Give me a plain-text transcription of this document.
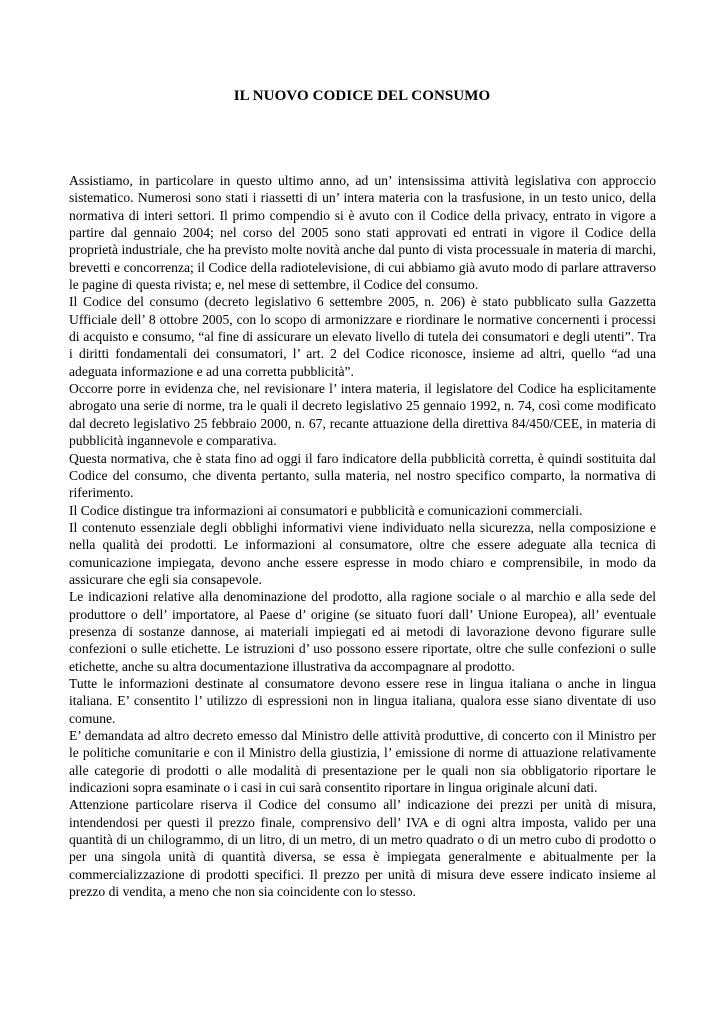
IL NUOVO CODICE DEL CONSUMO

Assistiamo, in particolare in questo ultimo anno, ad un’ intensissima attività legislativa con approccio sistematico. Numerosi sono stati i riassetti di un’ intera materia con la trasfusione, in un testo unico, della normativa di interi settori. Il primo compendio si è avuto con il Codice della privacy, entrato in vigore a partire dal gennaio 2004; nel corso del 2005 sono stati approvati ed entrati in vigore il Codice della proprietà industriale, che ha previsto molte novità anche dal punto di vista processuale in materia di marchi, brevetti e concorrenza; il Codice della radiotelevisione, di cui abbiamo già avuto modo di parlare attraverso le pagine di questa rivista; e, nel mese di settembre, il Codice del consumo.

Il Codice del consumo (decreto legislativo 6 settembre 2005, n. 206) è stato pubblicato sulla Gazzetta Ufficiale dell’ 8 ottobre 2005, con lo scopo di armonizzare e riordinare le normative concernenti i processi di acquisto e consumo, “al fine di assicurare un elevato livello di tutela dei consumatori e degli utenti”. Tra i diritti fondamentali dei consumatori, l’ art. 2 del Codice riconosce, insieme ad altri, quello “ad una adeguata informazione e ad una corretta pubblicità”.

Occorre porre in evidenza che, nel revisionare l’ intera materia, il legislatore del Codice ha esplicitamente abrogato una serie di norme, tra le quali il decreto legislativo 25 gennaio 1992, n. 74, così come modificato dal decreto legislativo 25 febbraio 2000, n. 67, recante attuazione della direttiva 84/450/CEE, in materia di pubblicità ingannevole e comparativa.

Questa normativa, che è stata fino ad oggi il faro indicatore della pubblicità corretta, è quindi sostituita dal Codice del consumo, che diventa pertanto, sulla materia, nel nostro specifico comparto, la normativa di riferimento.

Il Codice distingue tra informazioni ai consumatori e pubblicità e comunicazioni commerciali.

Il contenuto essenziale degli obblighi informativi viene individuato nella sicurezza, nella composizione e nella qualità dei prodotti. Le informazioni al consumatore, oltre che essere adeguate alla tecnica di comunicazione impiegata, devono anche essere espresse in modo chiaro e comprensibile, in modo da assicurare che egli sia consapevole.

Le indicazioni relative alla denominazione del prodotto, alla ragione sociale o al marchio e alla sede del produttore o dell’ importatore, al Paese d’ origine (se situato fuori dall’ Unione Europea), all’ eventuale presenza di sostanze dannose, ai materiali impiegati ed ai metodi di lavorazione devono figurare sulle confezioni o sulle etichette. Le istruzioni d’ uso possono essere riportate, oltre che sulle confezioni o sulle etichette, anche su altra documentazione illustrativa da accompagnare al prodotto.

Tutte le informazioni destinate al consumatore devono essere rese in lingua italiana o anche in lingua italiana. E’ consentito l’ utilizzo di espressioni non in lingua italiana, qualora esse siano diventate di uso comune.

E’ demandata ad altro decreto emesso dal Ministro delle attività produttive, di concerto con il Ministro per le politiche comunitarie e con il Ministro della giustizia, l’ emissione di norme di attuazione relativamente alle categorie di prodotti o alle modalità di presentazione per le quali non sia obbligatorio riportare le indicazioni sopra esaminate o i casi in cui sarà consentito riportare in lingua originale alcuni dati.

Attenzione particolare riserva il Codice del consumo all’ indicazione dei prezzi per unità di misura, intendendosi per questi il prezzo finale, comprensivo dell’ IVA e di ogni altra imposta, valido per una quantità di un chilogrammo, di un litro, di un metro, di un metro quadrato o di un metro cubo di prodotto o per una singola unità di quantità diversa, se essa è impiegata generalmente e abitualmente per la commercializzazione di prodotti specifici. Il prezzo per unità di misura deve essere indicato insieme al prezzo di vendita, a meno che non sia coincidente con lo stesso.
